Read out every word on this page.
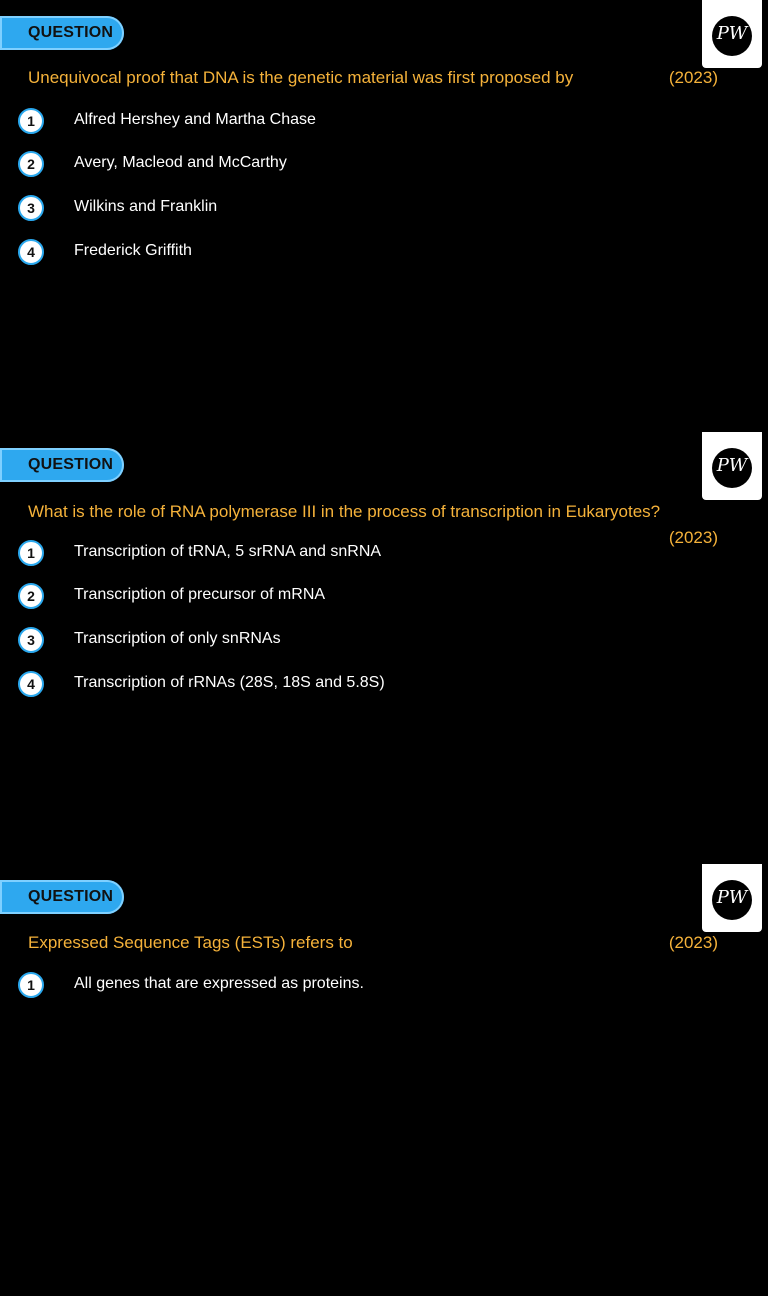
QUESTION	PW
Unequivocal proof that DNA is the genetic material was first proposed by	(2023)
1	Alfred Hershey and Martha Chase
2	Avery, Macleod and McCarthy
3	Wilkins and Franklin
4	Frederick Griffith
QUESTION	PW
What is the role of RNA polymerase III in the process of transcription in Eukaryotes?
(2023)
1	Transcription of tRNA, 5 srRNA and snRNA
2	Transcription of precursor of mRNA
3	Transcription of only snRNAs
4	Transcription of rRNAs (28S, 18S and 5.8S)
QUESTION	PW
Expressed Sequence Tags (ESTs) refers to	(2023)
1	All genes that are expressed as proteins.
